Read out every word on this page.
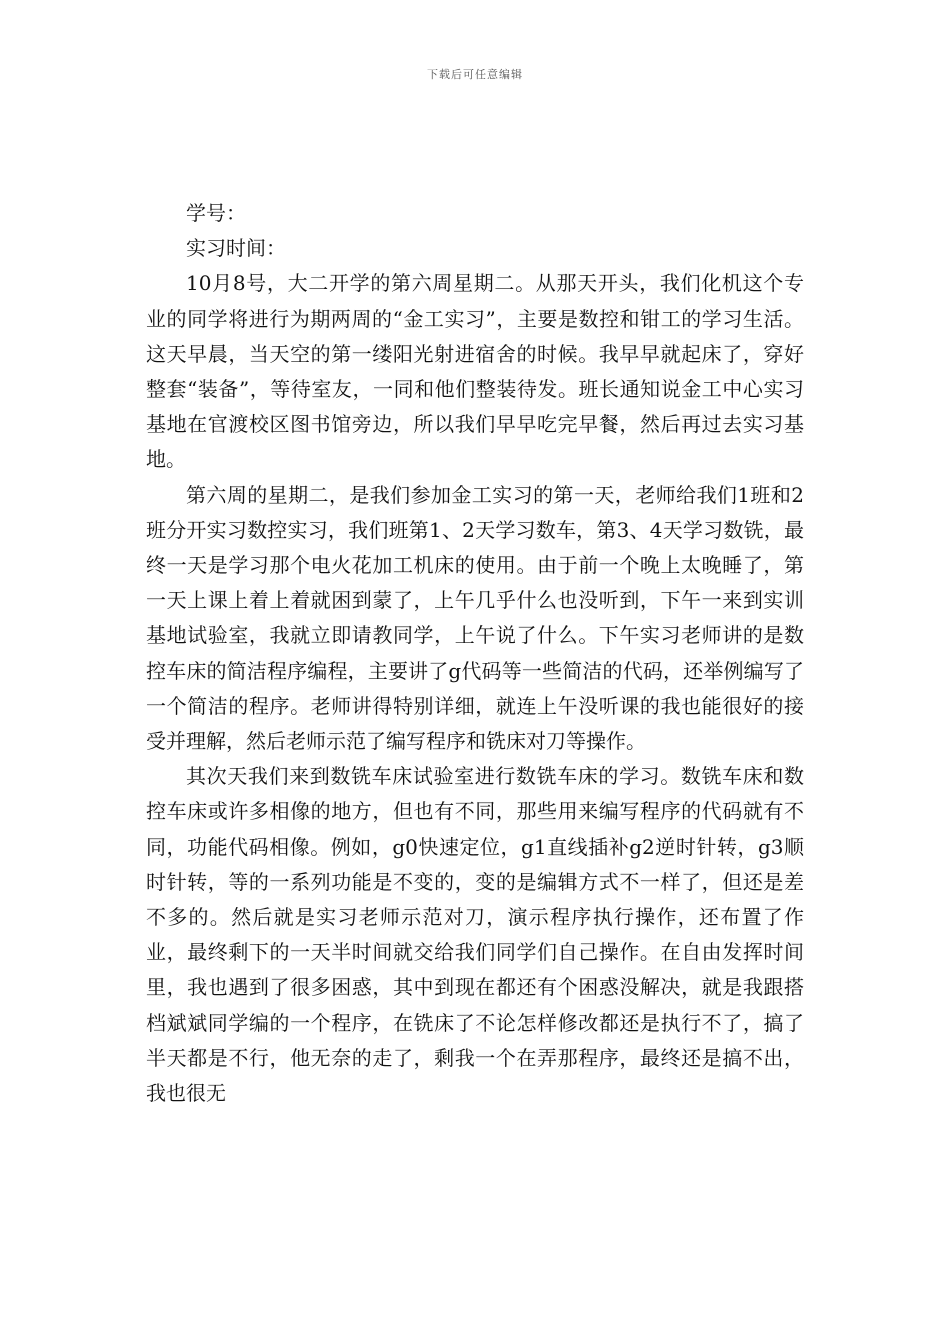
下载后可任意编辑

学号：

实习时间：

10月8号，大二开学的第六周星期二。从那天开头，我们化机这个专业的同学将进行为期两周的“金工实习”，主要是数控和钳工的学习生活。这天早晨，当天空的第一缕阳光射进宿舍的时候。我早早就起床了，穿好整套“装备”，等待室友，一同和他们整装待发。班长通知说金工中心实习基地在官渡校区图书馆旁边，所以我们早早吃完早餐，然后再过去实习基地。

第六周的星期二，是我们参加金工实习的第一天，老师给我们1班和2班分开实习数控实习，我们班第1、2天学习数车，第3、4天学习数铣，最终一天是学习那个电火花加工机床的使用。由于前一个晚上太晚睡了，第一天上课上着上着就困到蒙了，上午几乎什么也没听到，下午一来到实训基地试验室，我就立即请教同学，上午说了什么。下午实习老师讲的是数控车床的简洁程序编程，主要讲了g代码等一些简洁的代码，还举例编写了一个简洁的程序。老师讲得特别详细，就连上午没听课的我也能很好的接受并理解，然后老师示范了编写程序和铣床对刀等操作。

其次天我们来到数铣车床试验室进行数铣车床的学习。数铣车床和数控车床或许多相像的地方，但也有不同，那些用来编写程序的代码就有不同，功能代码相像。例如，g0快速定位，g1直线插补g2逆时针转，g3顺时针转，等的一系列功能是不变的，变的是编辑方式不一样了，但还是差不多的。然后就是实习老师示范对刀，演示程序执行操作，还布置了作业，最终剩下的一天半时间就交给我们同学们自己操作。在自由发挥时间里，我也遇到了很多困惑，其中到现在都还有个困惑没解决，就是我跟搭档斌斌同学编的一个程序，在铣床了不论怎样修改都还是执行不了，搞了半天都是不行，他无奈的走了，剩我一个在弄那程序，最终还是搞不出，我也很无
